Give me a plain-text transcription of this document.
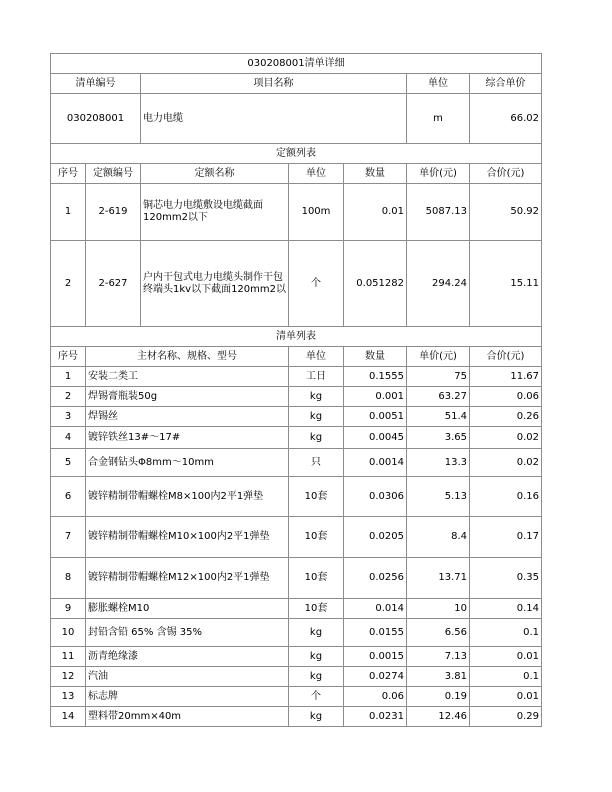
030208001清单详细						
清单编号		项目名称			单位	综合单价
030208001		电力电缆			m	66.02
定额列表						
序号	定额编号	定额名称	单位	数量	单价(元)	合价(元)
1	2-619	铜芯电力电缆敷设电缆截面120mm2以下	100m	0.01	5087.13	50.92
2	2-627	户内干包式电力电缆头制作干包终端头1kv以下截面120mm2以	个	0.051282	294.24	15.11
清单列表						
序号	主材名称、规格、型号		单位	数量	单价(元)	合价(元)
1	安装二类工		工日	0.1555	75	11.67
2	焊锡膏瓶装50g		kg	0.001	63.27	0.06
3	焊锡丝		kg	0.0051	51.4	0.26
4	镀锌铁丝13#～17#		kg	0.0045	3.65	0.02
5	合金钢钻头Φ8mm～10mm		只	0.0014	13.3	0.02
6	镀锌精制带帽螺栓M8×100内2平1弹垫		10套	0.0306	5.13	0.16
7	镀锌精制带帽螺栓M10×100内2平1弹垫		10套	0.0205	8.4	0.17
8	镀锌精制带帽螺栓M12×100内2平1弹垫		10套	0.0256	13.71	0.35
9	膨胀螺栓M10		10套	0.014	10	0.14
10	封铅含铅 65% 含锡 35%		kg	0.0155	6.56	0.1
11	沥青绝缘漆		kg	0.0015	7.13	0.01
12	汽油		kg	0.0274	3.81	0.1
13	标志牌		个	0.06	0.19	0.01
14	塑料带20mm×40m		kg	0.0231	12.46	0.29
